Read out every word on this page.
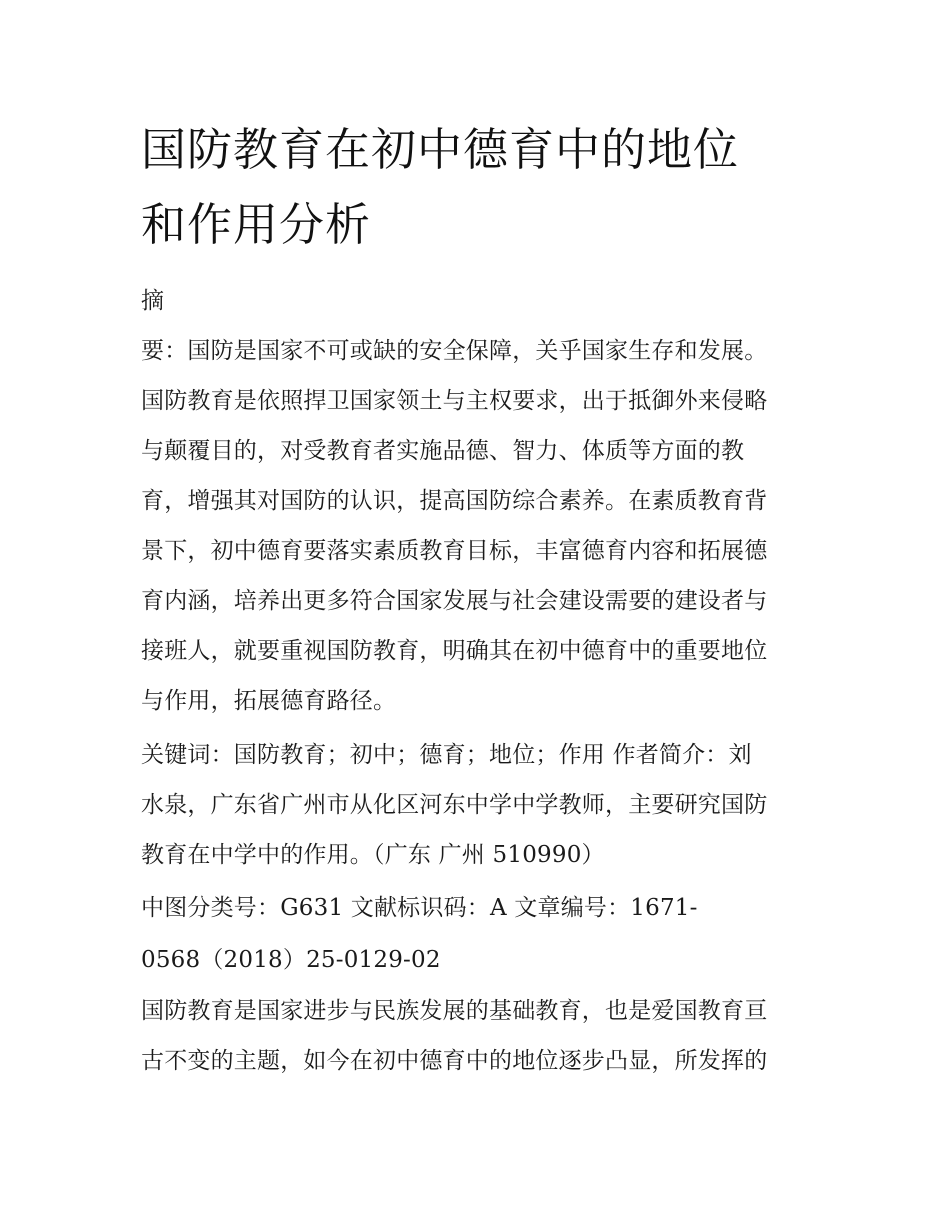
国防教育在初中德育中的地位
和作用分析

摘

要：国防是国家不可或缺的安全保障，关乎国家生存和发展。

国防教育是依照捍卫国家领土与主权要求，出于抵御外来侵略

与颠覆目的，对受教育者实施品德、智力、体质等方面的教

育，增强其对国防的认识，提高国防综合素养。在素质教育背

景下，初中德育要落实素质教育目标，丰富德育内容和拓展德

育内涵，培养出更多符合国家发展与社会建设需要的建设者与

接班人，就要重视国防教育，明确其在初中德育中的重要地位

与作用，拓展德育路径。

关键词：国防教育；初中；德育；地位；作用 作者简介：刘

水泉，广东省广州市从化区河东中学中学教师，主要研究国防

教育在中学中的作用。（广东 广州 510990）

中图分类号：G631 文献标识码：A 文章编号：1671-

0568（2018）25-0129-02

国防教育是国家进步与民族发展的基础教育，也是爱国教育亘

古不变的主题，如今在初中德育中的地位逐步凸显，所发挥的
